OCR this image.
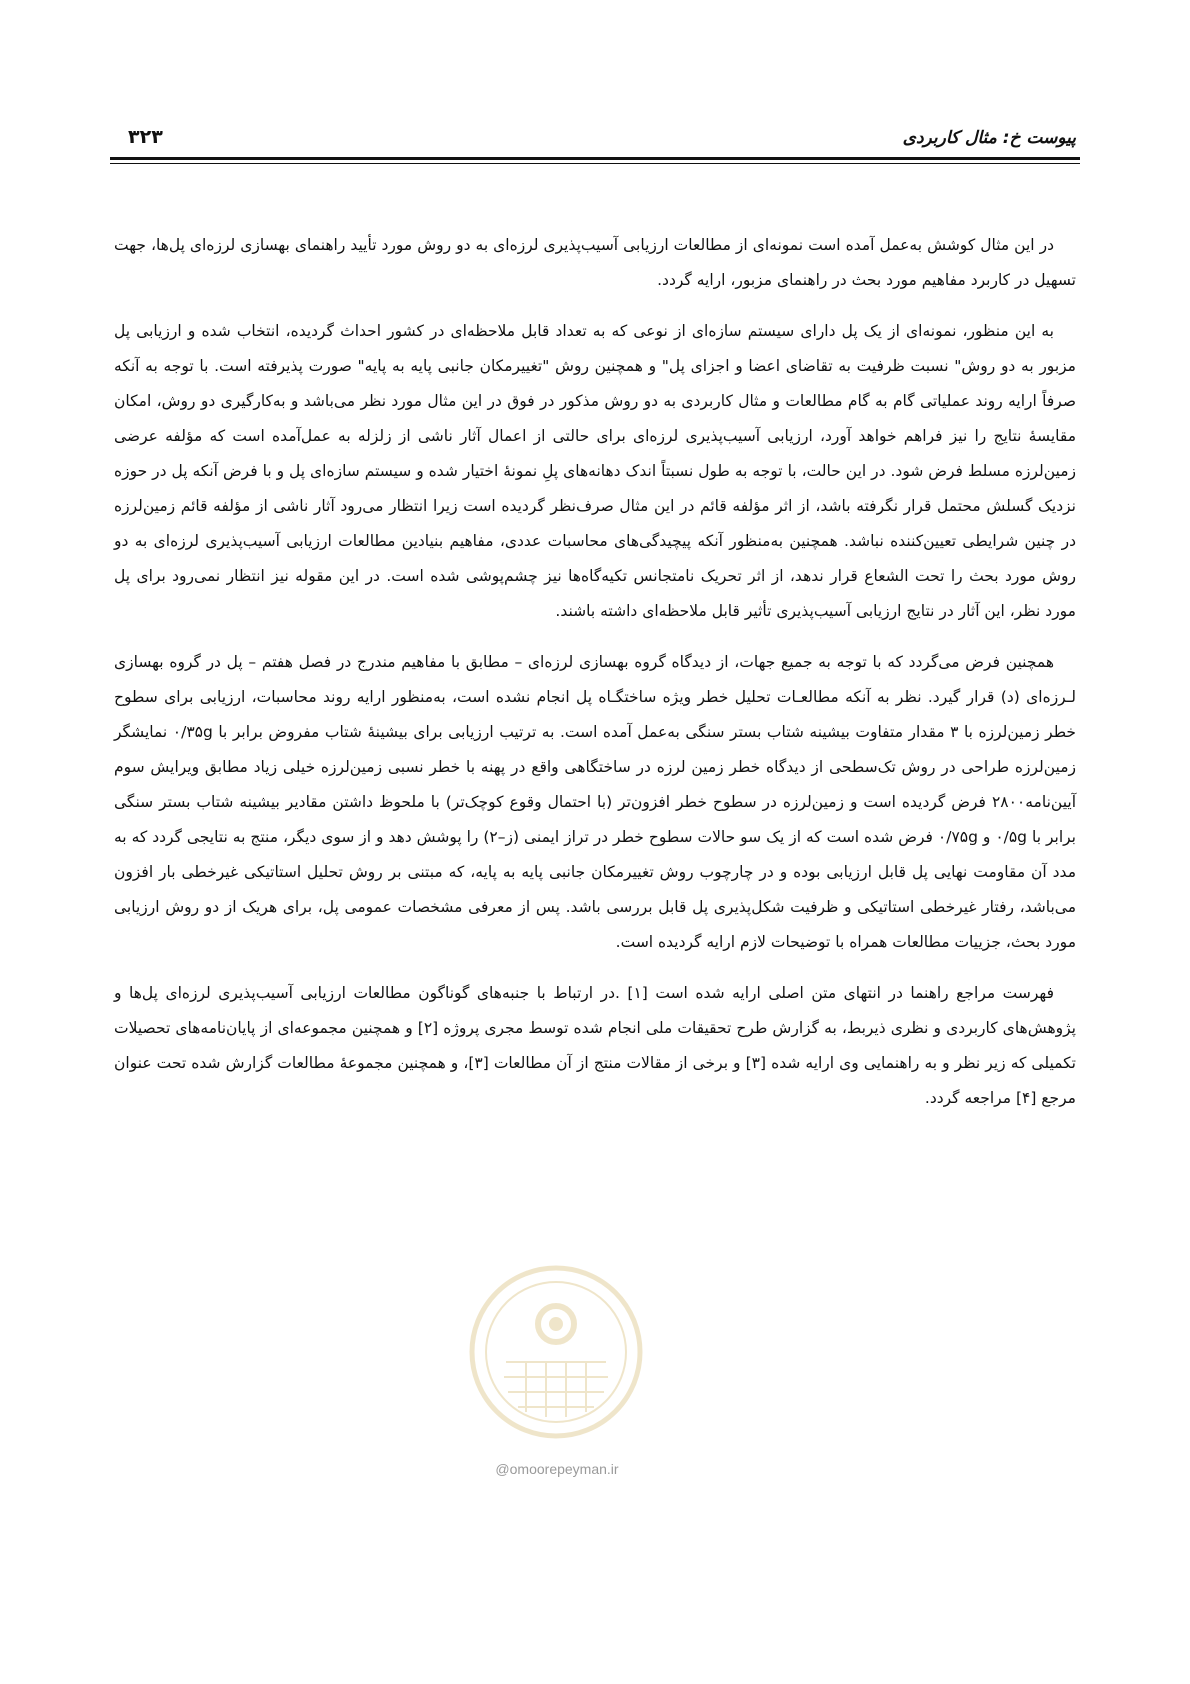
پیوست خ: مثال کاربردی
۳۲۳

در این مثال کوشش به‌عمل آمده است نمونه‌ای از مطالعات ارزیابی آسیب‌پذیری لرزه‌ای به دو روش مورد تأیید راهنمای بهسازی لرزه‌ای پل‌ها، جهت تسهیل در کاربرد مفاهیم مورد بحث در راهنمای مزبور، ارایه گردد.

به این منظور، نمونه‌ای از یک پل دارای سیستم سازه‌ای از نوعی که به تعداد قابل ملاحظه‌ای در کشور احداث گردیده، انتخاب شده و ارزیابی پل مزبور به دو روش" نسبت ظرفیت به تقاضای اعضا و اجزای پل" و همچنین روش "تغییرمکان جانبی پایه به پایه" صورت پذیرفته است. با توجه به آنکه صرفاً ارایه روند عملیاتی گام به گام مطالعات و مثال کاربردی به دو روش مذکور در فوق در این مثال مورد نظر می‌باشد و به‌کارگیری دو روش، امکان مقایسهٔ نتایج را نیز فراهم خواهد آورد، ارزیابی آسیب‌پذیری لرزه‌ای برای حالتی از اعمال آثار ناشی از زلزله به عمل‌آمده است که مؤلفه عرضی زمین‌لرزه مسلط فرض شود. در این حالت، با توجه به طول نسبتاً اندک دهانه‌های پلِ نمونهٔ اختیار شده و سیستم سازه‌ای پل و با فرض آنکه پل در حوزه نزدیک گسلش محتمل قرار نگرفته باشد، از اثر مؤلفه قائم در این مثال صرف‌نظر گردیده است زیرا انتظار می‌رود آثار ناشی از مؤلفه قائم زمین‌لرزه در چنین شرایطی تعیین‌کننده نباشد. همچنین به‌منظور آنکه پیچیدگی‌های محاسبات عددی، مفاهیم بنیادین مطالعات ارزیابی آسیب‌پذیری لرزه‌ای به دو روش مورد بحث را تحت الشعاع قرار ندهد، از اثر تحریک نامتجانس تکیه‌گاه‌ها نیز چشم‌پوشی شده است. در این مقوله نیز انتظار نمی‌رود برای پل مورد نظر، این آثار در نتایج ارزیابی آسیب‌پذیری تأثیر قابل ملاحظه‌ای داشته باشند.

همچنین فرض می‌گردد که با توجه به جمیع جهات، از دیدگاه گروه بهسازی لرزه‌ای – مطابق با مفاهیم مندرج در فصل هفتم – پل در گروه بهسازی لـرزه‌ای (د) قرار گیرد. نظر به آنکه مطالعـات تحلیل خطر ویژه ساختگـاه پل انجام نشده است، به‌منظور ارایه روند محاسبات، ارزیابی برای سطوح خطر زمین‌لرزه با ۳ مقدار متفاوت بیشینه شتاب بستر سنگی به‌عمل آمده است. به ترتیب ارزیابی برای بیشینهٔ شتاب مفروض برابر با ۰/۳۵g نمایشگر زمین‌لرزه طراحی در روش تک‌سطحی از دیدگاه خطر زمین لرزه در ساختگاهی واقع در پهنه با خطر نسبی زمین‌لرزه خیلی زیاد مطابق ویرایش سوم آیین‌نامه۲۸۰۰ فرض گردیده است و زمین‌لرزه در سطوح خطر افزون‌تر (با احتمال وقوع کوچک‌تر) با ملحوظ داشتن مقادیر بیشینه شتاب بستر سنگی برابر با ۰/۵g و ۰/۷۵g فرض شده است که از یک سو حالات سطوح خطر در تراز ایمنی (ز–۲) را پوشش دهد و از سوی دیگر، منتج به نتایجی گردد که به مدد آن مقاومت نهایی پل قابل ارزیابی بوده و در چارچوب روش تغییرمکان جانبی پایه به پایه، که مبتنی بر روش تحلیل استاتیکی غیرخطی بار افزون می‌باشد، رفتار غیرخطی استاتیکی و ظرفیت شکل‌پذیری پل قابل بررسی باشد. پس از معرفی مشخصات عمومی پل، برای هریک از دو روش ارزیابی مورد بحث، جزییات مطالعات همراه با توضیحات لازم ارایه گردیده است.

فهرست مراجع راهنما در انتهای متن اصلی ارایه شده است [۱] .در ارتباط با جنبه‌های گوناگون مطالعات ارزیابی آسیب‌پذیری لرزه‌ای پل‌ها و پژوهش‌های کاربردی و نظری ذیربط، به گزارش طرح تحقیقات ملی انجام شده توسط مجری پروژه [۲] و همچنین مجموعه‌ای از پایان‌نامه‌های تحصیلات تکمیلی که زیر نظر و به راهنمایی وی ارایه شده [۳] و برخی از مقالات منتج از آن مطالعات [۳]، و همچنین مجموعهٔ مطالعات گزارش شده تحت عنوان مرجع [۴] مراجعه گردد.

@omoorepeyman.ir
